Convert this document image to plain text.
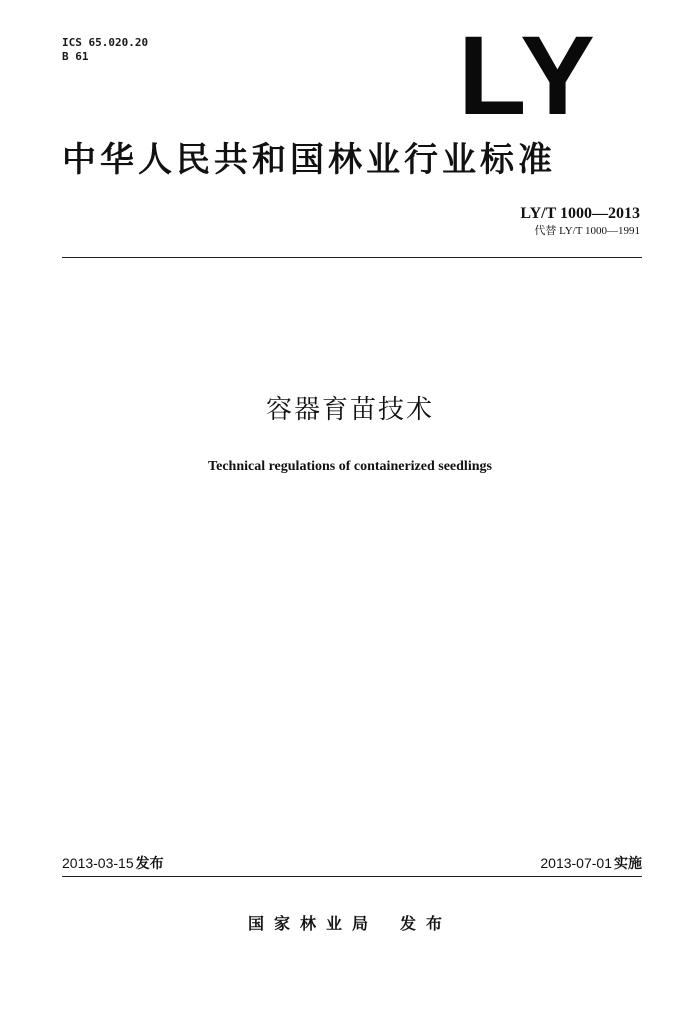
ICS 65.020.20
B 61	LY
中华人民共和国林业行业标准
LY/T 1000—2013
代替 LY/T 1000—1991
容器育苗技术
Technical regulations of containerized seedlings
2013-03-15 发布	2013-07-01 实施
国家林业局 发布
